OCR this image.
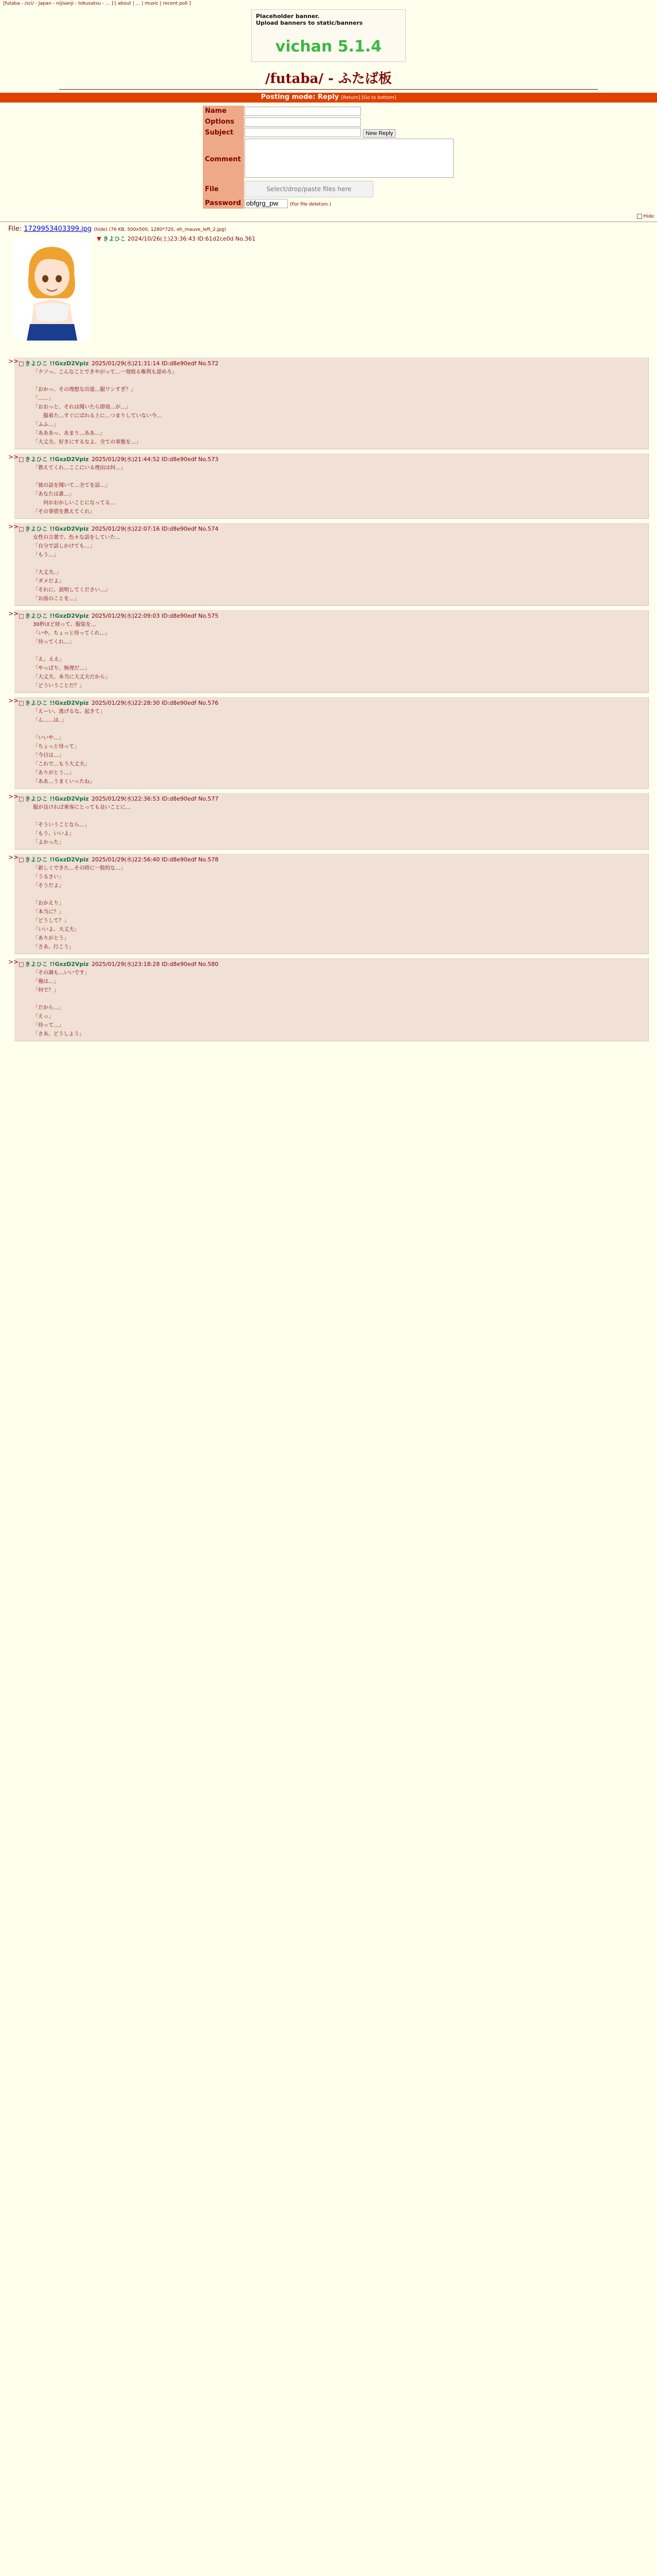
[futaba - /sci/ - Japan - nijisanji - tokusatsu - ... ] [ about | ... | music | recent poll ]
Placeholder banner.
Upload banners to static/banners
vichan 5.1.4
/futaba/ - ふたば板
Posting mode: Reply [Return] [Go to bottom]
Name	
Options	
Subject	New Reply
Comment	
File	Select/drop/paste files here
Password	obfgrg_pw(For file deletion.)
Hide
File: 1729953403399.jpg (hide) (76 KB, 500x500, 1280*720, oh_mauve_left_2.jpg)
▼ きよひこ 2024/10/26(土)23:36:43 ID:61d2ce0d No.361
>> □ きよひこ !!GxzD2Vpiz 2025/01/29(水)21:31:14 ID:d8e90edf No.572
「クソっ、こんなことできやがって…一発殴る権利も認めろ」

「おかっ、その理想な出道…服ワンすぎ？」
「……」
「おおっと、それは聞いたら即効…が…」
　　服着た…すぐにばれる上に…つまりしていない今…
「ふふ…」
「あああっ、あまり…ああ…」
「大丈夫、好きにするなよ、全ての事態を…」
>> □ きよひこ !!GxzD2Vpiz 2025/01/29(水)21:44:52 ID:d8e90edf No.573
「教えてくれ…ここにいる理由は何…」

「彼の話を聞いて…全てを話…」
「あなたは誰…」
　　何かおかしいことになってる…
「その事情を教えてくれ」
>> □ きよひこ !!GxzD2Vpiz 2025/01/29(水)22:07:16 ID:d8e90edf No.574
女性の言葉で、色々な話をしていた…
「自分で話しかけても…」
「もう…」

「大丈夫。」
「ダメだよ」
「それに、説明してください…」
「お前のことを…」
>> □ きよひこ !!GxzD2Vpiz 2025/01/29(水)22:09:03 ID:d8e90edf No.575
30秒ほど経って、服装を…
「いや。ちょっと待ってくれ…」
「待ってくれ…」

「え、ええ」
「やっぱり、無理だ…」
「大丈夫、本当に大丈夫だから」
「どういうことだ？」
>> □ きよひこ !!GxzD2Vpiz 2025/01/29(水)22:28:30 ID:d8e90edf No.576
「えーい、逃げるな。起きて」
「ん……は、」

「いいや…」
「ちょっと待って」
「今日は…」
「これで…もう大丈夫」
「ありがとう…」
「ああ…うまくいったね」
>> □ きよひこ !!GxzD2Vpiz 2025/01/29(水)22:36:53 ID:d8e90edf No.577
服が良ければ乗客にとっても良いことに…

「そういうことなら…」
「もう、いいよ」
「よかった」
>> □ きよひこ !!GxzD2Vpiz 2025/01/29(水)22:56:40 ID:d8e90edf No.578
「新しくできた…その時に一般的な…」
「うるさい」
「そうだよ」

「おかえり」
「本当に？」
「どうして？」
「いいよ、大丈夫」
「ありがとう」
「さあ、行こう」
>> □ きよひこ !!GxzD2Vpiz 2025/01/29(水)23:18:28 ID:d8e90edf No.580
「その調も…いいです」
「俺は…」
「何で？」

「だから…」
「えっ」
「待って…」
「さあ、どうしよう」
